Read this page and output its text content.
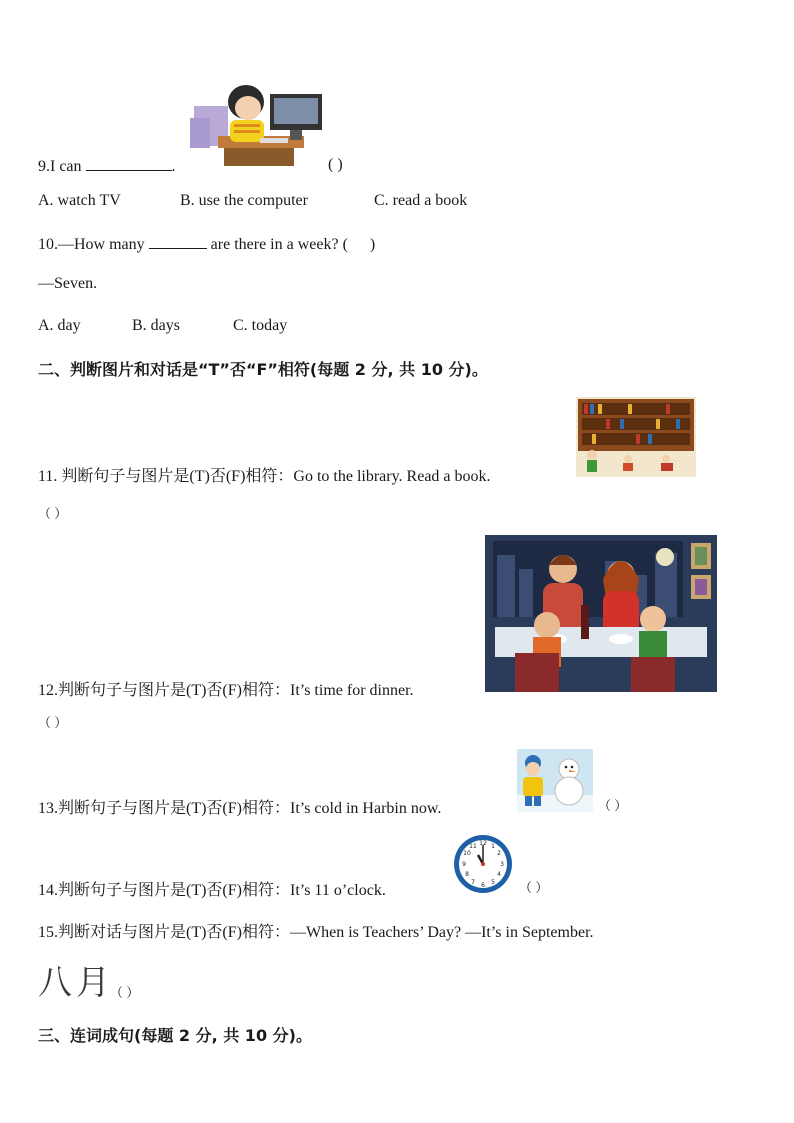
9.I can	.	( )
A. watch TV	B. use the computer	C. read a book
10.—How many	are there in a week? ( )
—Seven.
A. day	B. days	C. today
二、判断图片和对话是“T”否“F”相符(每题 2 分, 共 10 分)。
11. 判断句子与图片是(T)否(F)相符：Go to the library. Read a book.
（ ）
12.判断句子与图片是(T)否(F)相符：It’s time for dinner.
（ ）
13.判断句子与图片是(T)否(F)相符：It’s cold in Harbin now.	（ ）
12 1
2
3
4
5
6
7
8
9
10
11
14.判断句子与图片是(T)否(F)相符：It’s 11 o’clock.	（ ）
15.判断对话与图片是(T)否(F)相符：—When is Teachers’ Day? —It’s in September.
八月
（ ）
三、连词成句(每题 2 分, 共 10 分)。
